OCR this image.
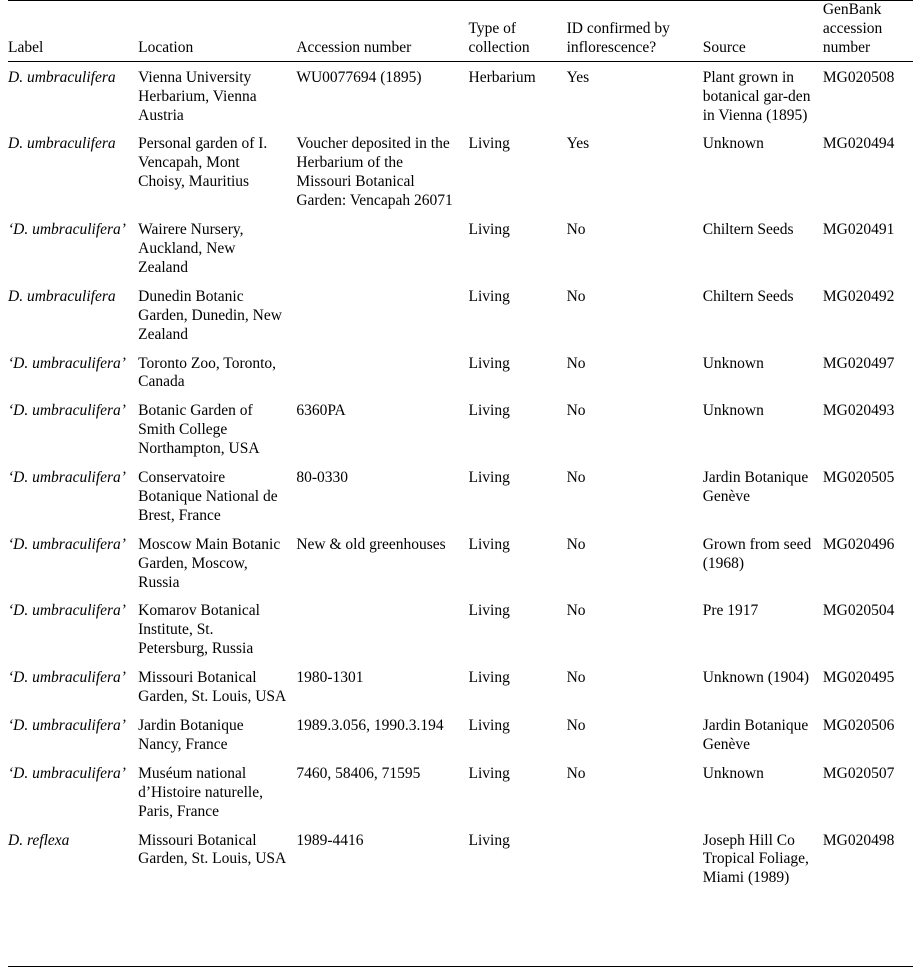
Label	Location	Accession number	Type of collection	ID confirmed by inflorescence?	Source	GenBank accession number

D. umbraculifera	Vienna University Herbarium, Vienna Austria	WU0077694 (1895)	Herbarium	Yes	Plant grown in botanical gar-den in Vienna (1895)	MG020508
D. umbraculifera	Personal garden of I. Vencapah, Mont Choisy, Mauritius	Voucher deposited in the Herbarium of the Missouri Botanical Garden: Vencapah 26071	Living	Yes	Unknown	MG020494
‘D. umbraculifera’	Wairere Nursery, Auckland, New Zealand		Living	No	Chiltern Seeds	MG020491
D. umbraculifera	Dunedin Botanic Garden, Dunedin, New Zealand		Living	No	Chiltern Seeds	MG020492
‘D. umbraculifera’	Toronto Zoo, Toronto, Canada		Living	No	Unknown	MG020497
‘D. umbraculifera’	Botanic Garden of Smith College Northampton, USA	6360PA	Living	No	Unknown	MG020493
‘D. umbraculifera’	Conservatoire Botanique National de Brest, France	80-0330	Living	No	Jardin Botanique Genève	MG020505
‘D. umbraculifera’	Moscow Main Botanic Garden, Moscow, Russia	New & old greenhouses	Living	No	Grown from seed (1968)	MG020496
‘D. umbraculifera’	Komarov Botanical Institute, St. Petersburg, Russia		Living	No	Pre 1917	MG020504
‘D. umbraculifera’	Missouri Botanical Garden, St. Louis, USA	1980-1301	Living	No	Unknown (1904)	MG020495
‘D. umbraculifera’	Jardin Botanique Nancy, France	1989.3.056, 1990.3.194	Living	No	Jardin Botanique Genève	MG020506
‘D. umbraculifera’	Muséum national d’Histoire naturelle, Paris, France	7460, 58406, 71595	Living	No	Unknown	MG020507
D. reflexa	Missouri Botanical Garden, St. Louis, USA	1989-4416	Living		Joseph Hill Co Tropical Foliage, Miami (1989)	MG020498
